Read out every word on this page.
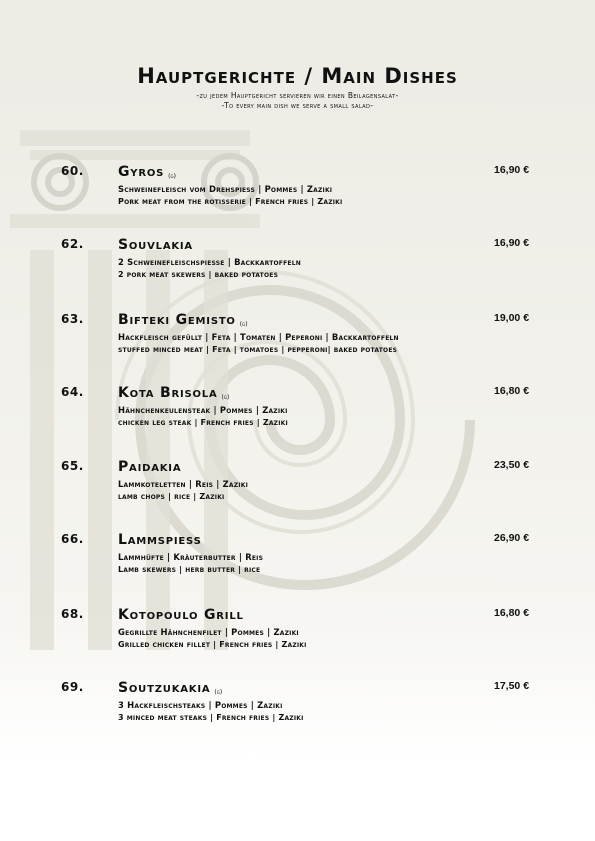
Hauptgerichte / Main Dishes
-zu jedem Hauptgericht servieren wir einen Beilagensalat-
-To every main dish we serve a small salad-
60. Gyros (g)
Schweinefleisch vom Drehspiess | Pommes | Zaziki
Pork meat from the rotisserie | French fries | Zaziki
16,90 €
62. Souvlakia
2 Schweinefleischspiesse | Backkartoffeln
2 pork meat skewers | baked potatoes
16,90 €
63. Bifteki Gemisto (g)
Hackfleisch gefüllt | Feta | Tomaten | Peperoni | Backkartoffeln
stuffed minced meat | Feta | tomatoes | pepperoni| baked potatoes
19,00 €
64. Kota Brisola (g)
Hähnchenkeulensteak | Pommes | Zaziki
chicken leg steak | French fries | Zaziki
16,80 €
65. Paidakia
Lammkoteletten | Reis | Zaziki
lamb chops | rice | Zaziki
23,50 €
66. Lammspiess
Lammhüfte | Kräuterbutter | Reis
Lamb skewers | herb butter | rice
26,90 €
68. Kotopoulo Grill
Gegrillte Hähnchenfilet | Pommes | Zaziki
Grilled chicken fillet | French fries | Zaziki
16,80 €
69. Soutzukakia (g)
3 Hackfleischsteaks | Pommes | Zaziki
3 minced meat steaks | French fries | Zaziki
17,50 €
